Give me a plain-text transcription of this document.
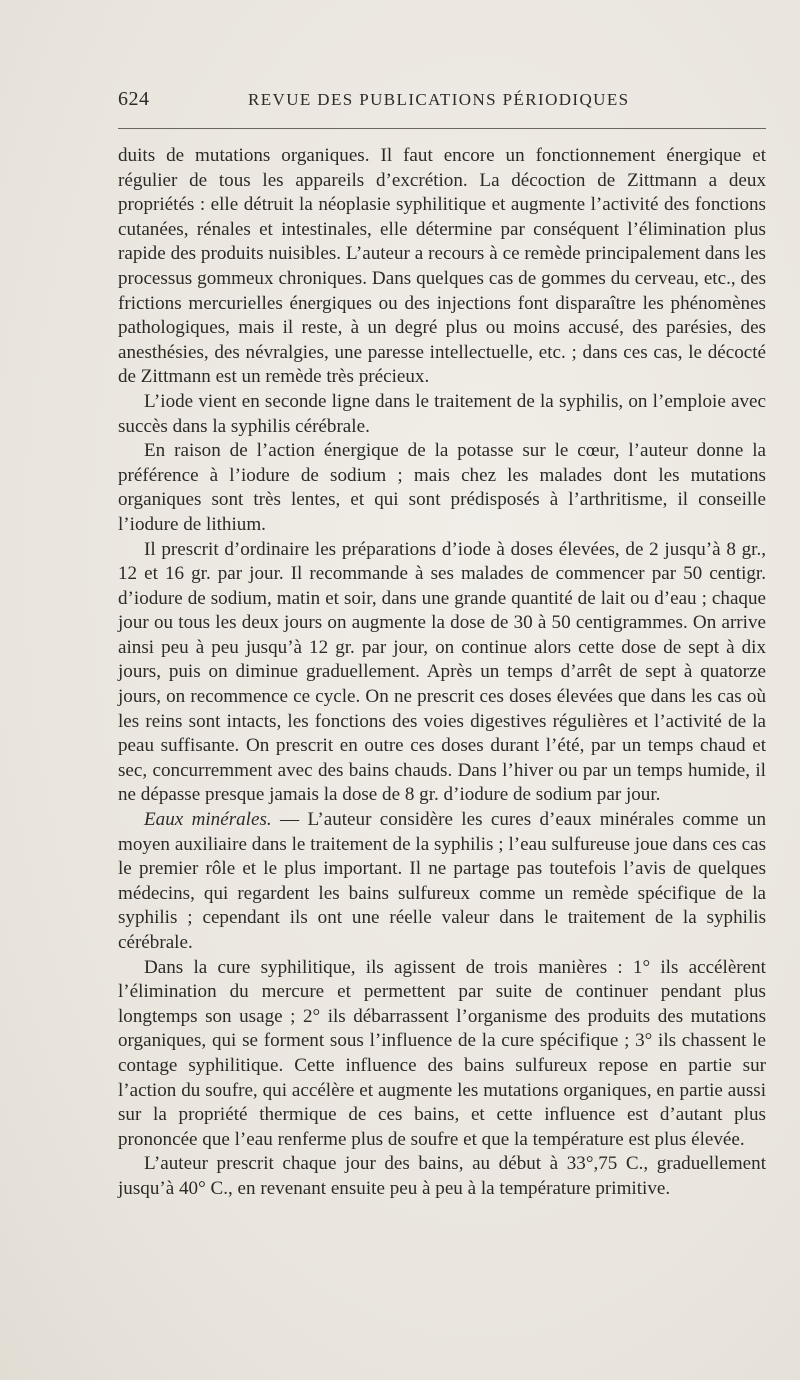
624	REVUE DES PUBLICATIONS PÉRIODIQUES

duits de mutations organiques. Il faut encore un fonctionnement énergique et régulier de tous les appareils d’excrétion. La décoction de Zittmann a deux propriétés : elle détruit la néoplasie syphilitique et augmente l’activité des fonctions cutanées, rénales et intestinales, elle détermine par conséquent l’élimination plus rapide des produits nuisibles. L’auteur a recours à ce remède principalement dans les processus gommeux chroniques. Dans quelques cas de gommes du cerveau, etc., des frictions mercurielles énergiques ou des injections font disparaître les phénomènes pathologiques, mais il reste, à un degré plus ou moins accusé, des parésies, des anesthésies, des névralgies, une paresse intellectuelle, etc. ; dans ces cas, le décocté de Zittmann est un remède très précieux.

L’iode vient en seconde ligne dans le traitement de la syphilis, on l’emploie avec succès dans la syphilis cérébrale.

En raison de l’action énergique de la potasse sur le cœur, l’auteur donne la préférence à l’iodure de sodium ; mais chez les malades dont les mutations organiques sont très lentes, et qui sont prédisposés à l’arthritisme, il conseille l’iodure de lithium.

Il prescrit d’ordinaire les préparations d’iode à doses élevées, de 2 jusqu’à 8 gr., 12 et 16 gr. par jour. Il recommande à ses malades de commencer par 50 centigr. d’iodure de sodium, matin et soir, dans une grande quantité de lait ou d’eau ; chaque jour ou tous les deux jours on augmente la dose de 30 à 50 centigrammes. On arrive ainsi peu à peu jusqu’à 12 gr. par jour, on continue alors cette dose de sept à dix jours, puis on diminue graduellement. Après un temps d’arrêt de sept à quatorze jours, on recommence ce cycle. On ne prescrit ces doses élevées que dans les cas où les reins sont intacts, les fonctions des voies digestives régulières et l’activité de la peau suffisante. On prescrit en outre ces doses durant l’été, par un temps chaud et sec, concurremment avec des bains chauds. Dans l’hiver ou par un temps humide, il ne dépasse presque jamais la dose de 8 gr. d’iodure de sodium par jour.

Eaux minérales. — L’auteur considère les cures d’eaux minérales comme un moyen auxiliaire dans le traitement de la syphilis ; l’eau sulfureuse joue dans ces cas le premier rôle et le plus important. Il ne partage pas toutefois l’avis de quelques médecins, qui regardent les bains sulfureux comme un remède spécifique de la syphilis ; cependant ils ont une réelle valeur dans le traitement de la syphilis cérébrale.

Dans la cure syphilitique, ils agissent de trois manières : 1° ils accélèrent l’élimination du mercure et permettent par suite de continuer pendant plus longtemps son usage ; 2° ils débarrassent l’organisme des produits des mutations organiques, qui se forment sous l’influence de la cure spécifique ; 3° ils chassent le contage syphilitique. Cette influence des bains sulfureux repose en partie sur l’action du soufre, qui accélère et augmente les mutations organiques, en partie aussi sur la propriété thermique de ces bains, et cette influence est d’autant plus prononcée que l’eau renferme plus de soufre et que la température est plus élevée.

L’auteur prescrit chaque jour des bains, au début à 33°,75 C., graduellement jusqu’à 40° C., en revenant ensuite peu à peu à la température primitive.
